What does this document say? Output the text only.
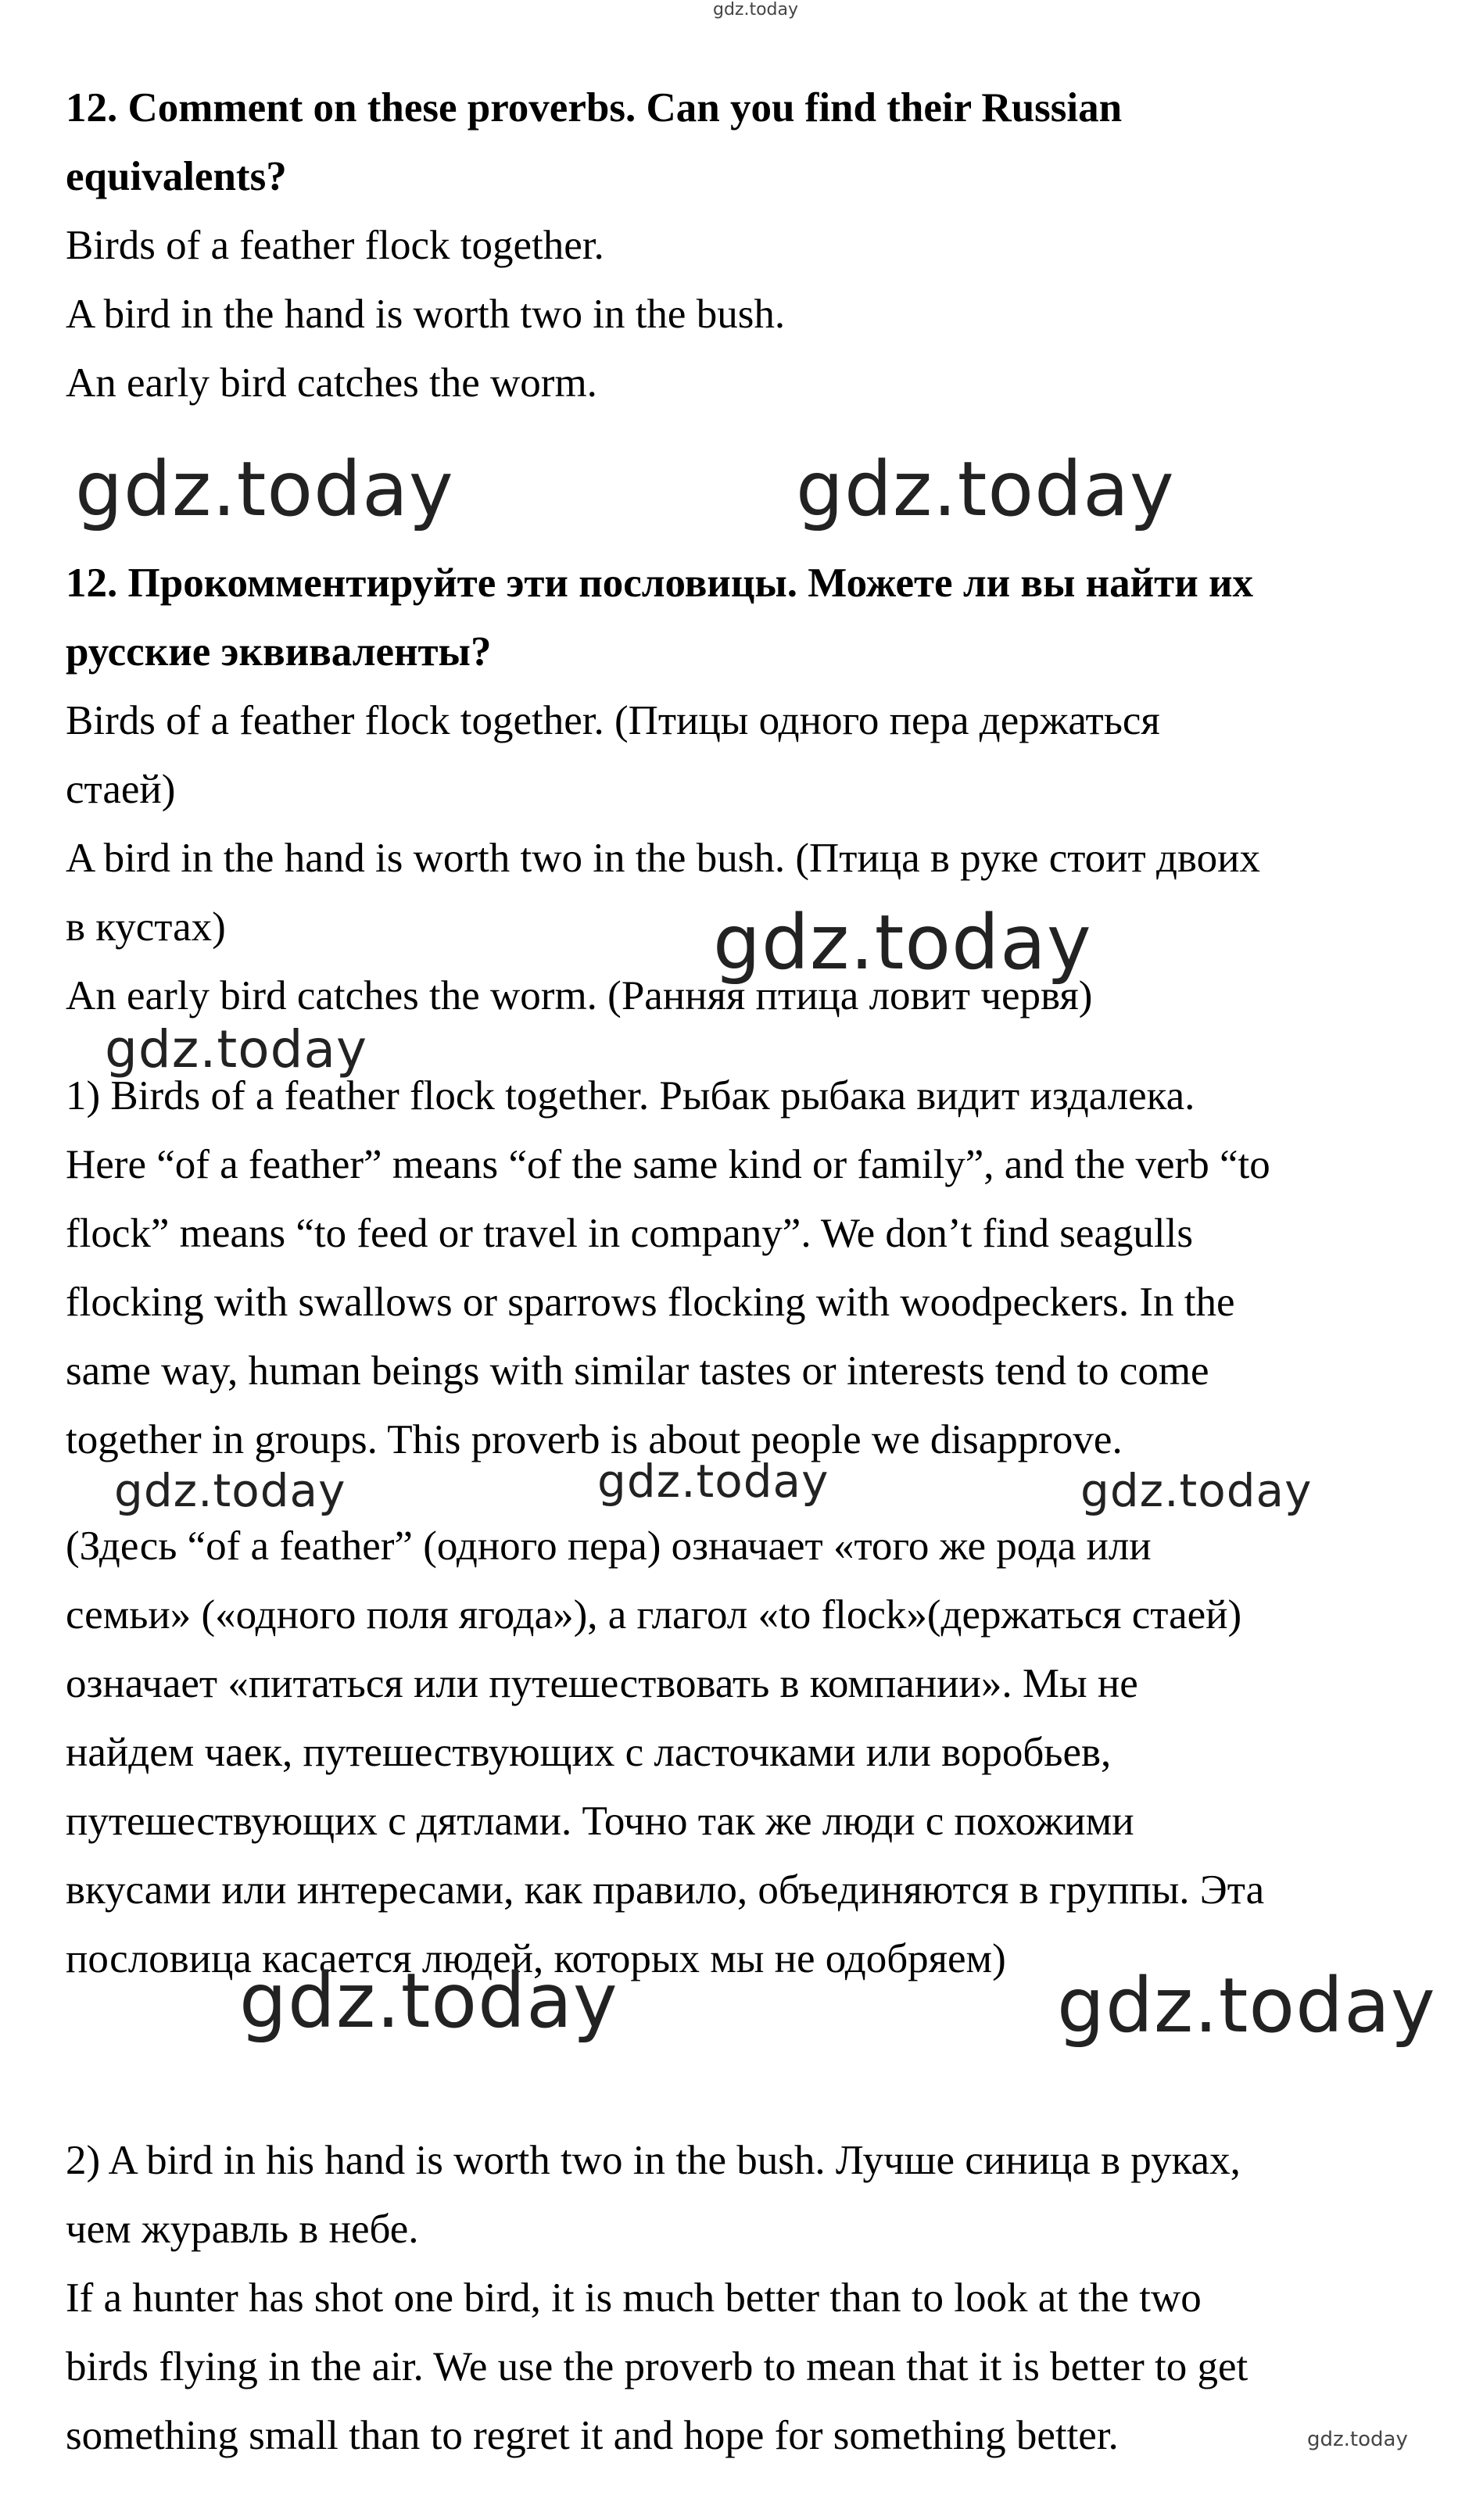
gdz.today

12. Comment on these proverbs. Can you find their Russian

equivalents?

Birds of a feather flock together.

A bird in the hand is worth two in the bush.

An early bird catches the worm.

gdz.today	gdz.today

12. Прокомментируйте эти пословицы. Можете ли вы найти их

русские эквиваленты?

Birds of a feather flock together. (Птицы одного пера держаться

стаей)

A bird in the hand is worth two in the bush. (Птица в руке стоит двоих

в кустах)	gdz.today

An early bird catches the worm. (Ранняя птица ловит червя)

gdz.today

1) Birds of a feather flock together. Рыбак рыбака видит издалека.

Here “of a feather” means “of the same kind or family”, and the verb “to

flock” means “to feed or travel in company”. We don’t find seagulls

flocking with swallows or sparrows flocking with woodpeckers. In the

same way, human beings with similar tastes or interests tend to come

together in groups. This proverb is about people we disapprove.

gdz.today	gdz.today	gdz.today

(Здесь “of a feather” (одного пера) означает «того же рода или

семьи» («одного поля ягода»), а глагол «to flock»(держаться стаей)

означает «питаться или путешествовать в компании». Мы не

найдем чаек, путешествующих с ласточками или воробьев,

путешествующих с дятлами. Точно так же люди с похожими

вкусами или интересами, как правило, объединяются в группы. Эта

пословица касается людей, которых мы не одобряем)

gdz.today	gdz.today

2) A bird in his hand is worth two in the bush. Лучше синица в руках,

чем журавль в небе.

If a hunter has shot one bird, it is much better than to look at the two

birds flying in the air. We use the proverb to mean that it is better to get

something small than to regret it and hope for something better.	gdz.today
